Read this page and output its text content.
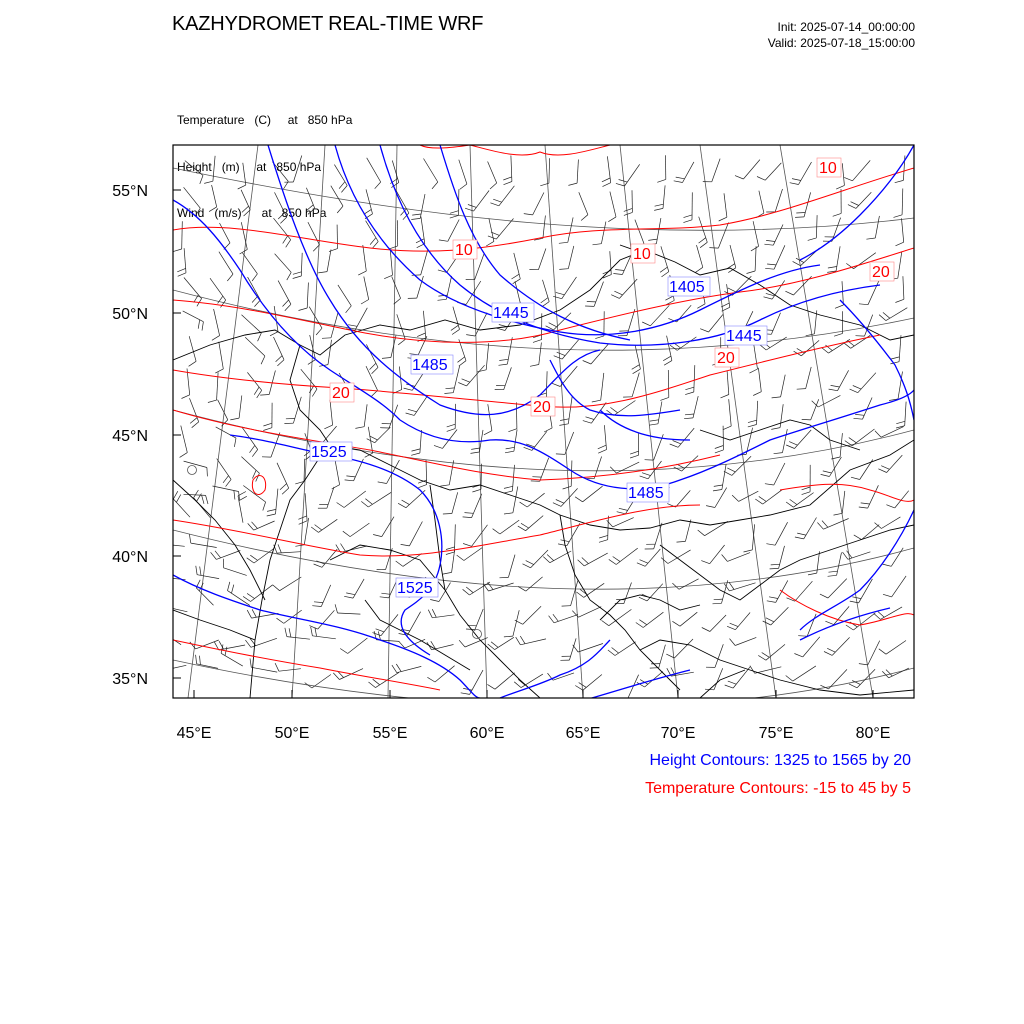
KAZHYDROMET REAL-TIME WRF	Init: 2025-07-14_00:00:00
Valid: 2025-07-18_15:00:00

Temperature   (C)     at   850 hPa

Height   (m)     at   850 hPa

Wind   (m/s)      at   850 hPa

55°N
50°N
45°N
40°N
35°N
45°E	50°E	55°E	60°E	65°E	70°E	75°E	80°E
1405
1445
1445
1485
1485
1525
1525
10	10
10
20
20
20
20
Height Contours: 1325 to 1565 by 20
Temperature Contours: -15 to 45 by 5
